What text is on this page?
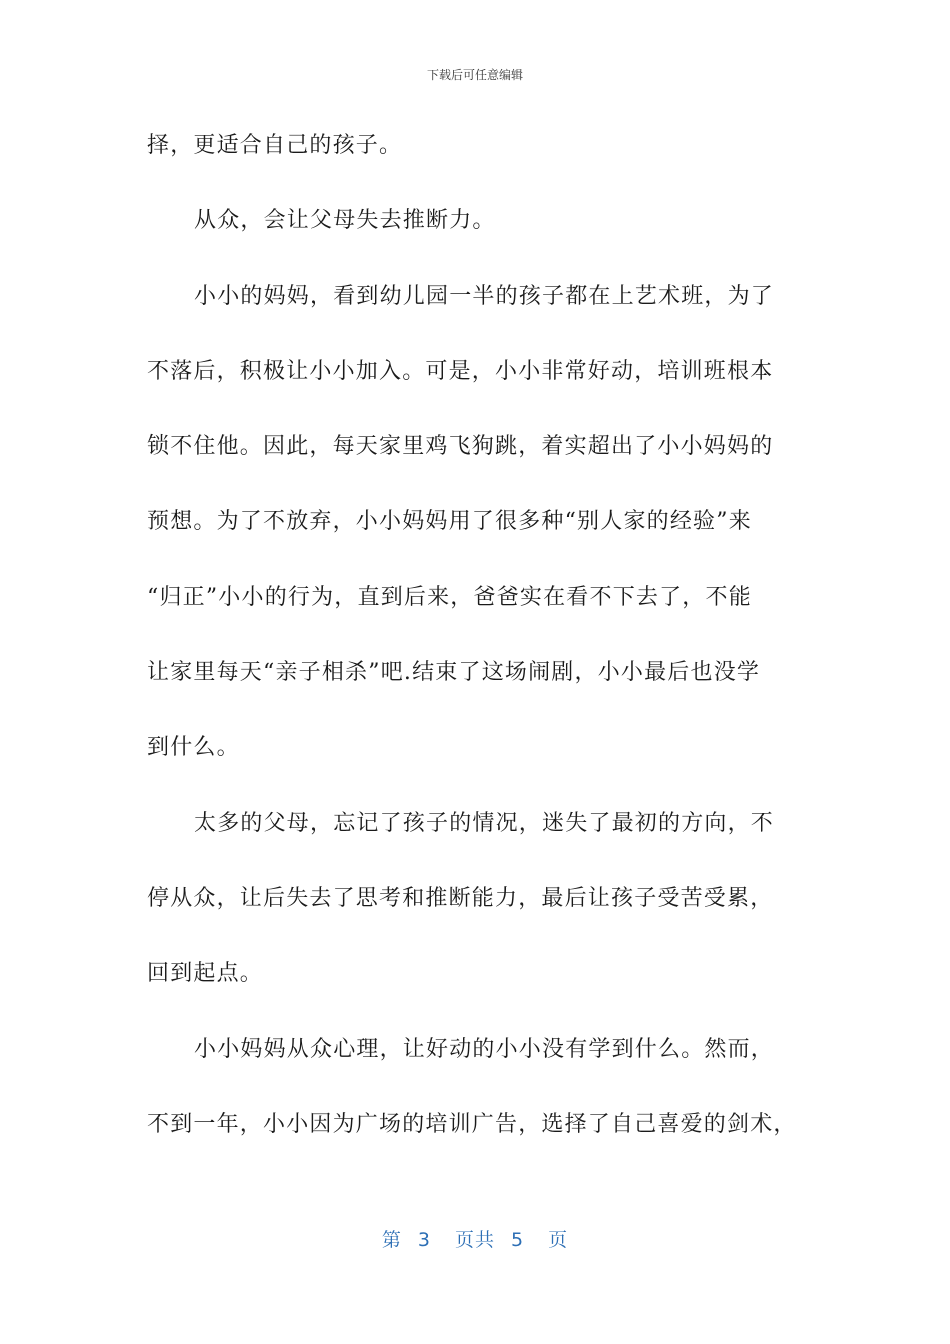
下载后可任意编辑
择，更适合自己的孩子。
从众，会让父母失去推断力。
小小的妈妈，看到幼儿园一半的孩子都在上艺术班，为了
不落后，积极让小小加入。可是，小小非常好动，培训班根本
锁不住他。因此，每天家里鸡飞狗跳，着实超出了小小妈妈的
预想。为了不放弃，小小妈妈用了很多种“别人家的经验”来
“归正”小小的行为，直到后来，爸爸实在看不下去了，不能
让家里每天“亲子相杀”吧.结束了这场闹剧，小小最后也没学
到什么。
太多的父母，忘记了孩子的情况，迷失了最初的方向，不
停从众，让后失去了思考和推断能力，最后让孩子受苦受累，
回到起点。
小小妈妈从众心理，让好动的小小没有学到什么。然而，
不到一年，小小因为广场的培训广告，选择了自己喜爱的剑术，
第 3 页共 5 页
